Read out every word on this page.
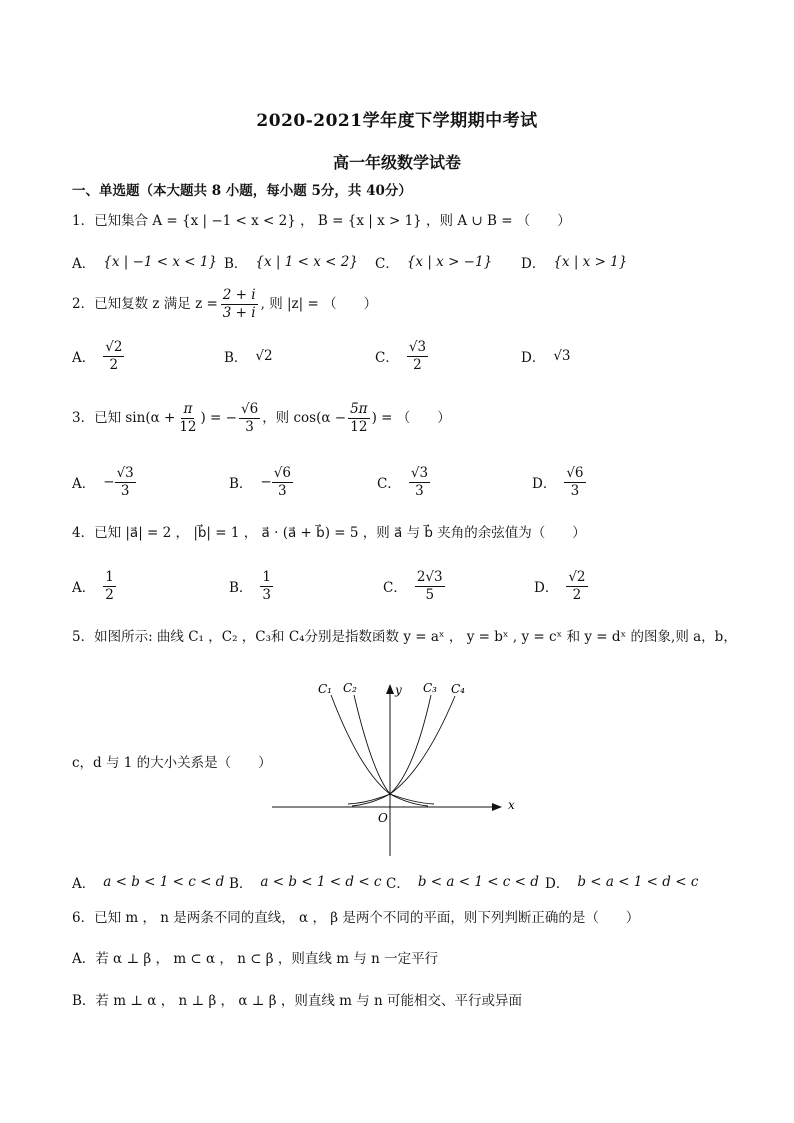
2020-2021学年度下学期期中考试
高一年级数学试卷
一、单选题（本大题共 8 小题，每小题 5分，共 40分）
1．已知集合 A = {x | −1 < x < 2} ， B = {x | x > 1} ，则 A ∪ B = （　　）
A． {x | −1 < x < 1} B． {x | 1 < x < 2} C． {x | x > −1} D． {x | x > 1}
2．已知复数 z 满足 $z = \frac{2 + i}{3 + i}$ , 则 |z| = （　　）
A． $\frac{√2}{2}$	B． √2	C． $\frac{√3}{2}$	D． √3
3．已知 $\sin(\alpha + \frac{\pi}{12}$ ) = − $\frac{√6}{3}$ ，则 $\cos(\alpha - \frac{5\pi}{12}$ ) = （　　）
A． − $\frac{√3}{3}$	B． − $\frac{√6}{3}$	C． $\frac{√3}{3}$	D． $\frac{√6}{3}$
4．已知 |a⃗| = 2 ， |b⃗| = 1 ， a⃗ · (a⃗ + b⃗) = 5 ，则 a⃗ 与 b⃗ 夹角的余弦值为（　　）
A． $\frac{1}{2}$	B． $\frac{1}{3}$	C． $\frac{2√3}{5}$	D． $\frac{√2}{2}$
5．如图所示: 曲线 C₁ ，C₂ ，C₃和 C₄分别是指数函数 y = aˣ ， y = bˣ , y = cˣ 和 y = dˣ 的图象,则 a，b，
c，d 与 1 的大小关系是（　　）
C₁ C₂	C₃ C₄
y
x
O
A． a < b < 1 < c < d B． a < b < 1 < d < c C． b < a < 1 < c < d D． b < a < 1 < d < c
6．已知 m ， n 是两条不同的直线， α ， β 是两个不同的平面，则下列判断正确的是（　　）
A．若 α ⊥ β ， m ⊂ α ， n ⊂ β ，则直线 m 与 n 一定平行
B．若 m ⊥ α ， n ⊥ β ， α ⊥ β ，则直线 m 与 n 可能相交、平行或异面
